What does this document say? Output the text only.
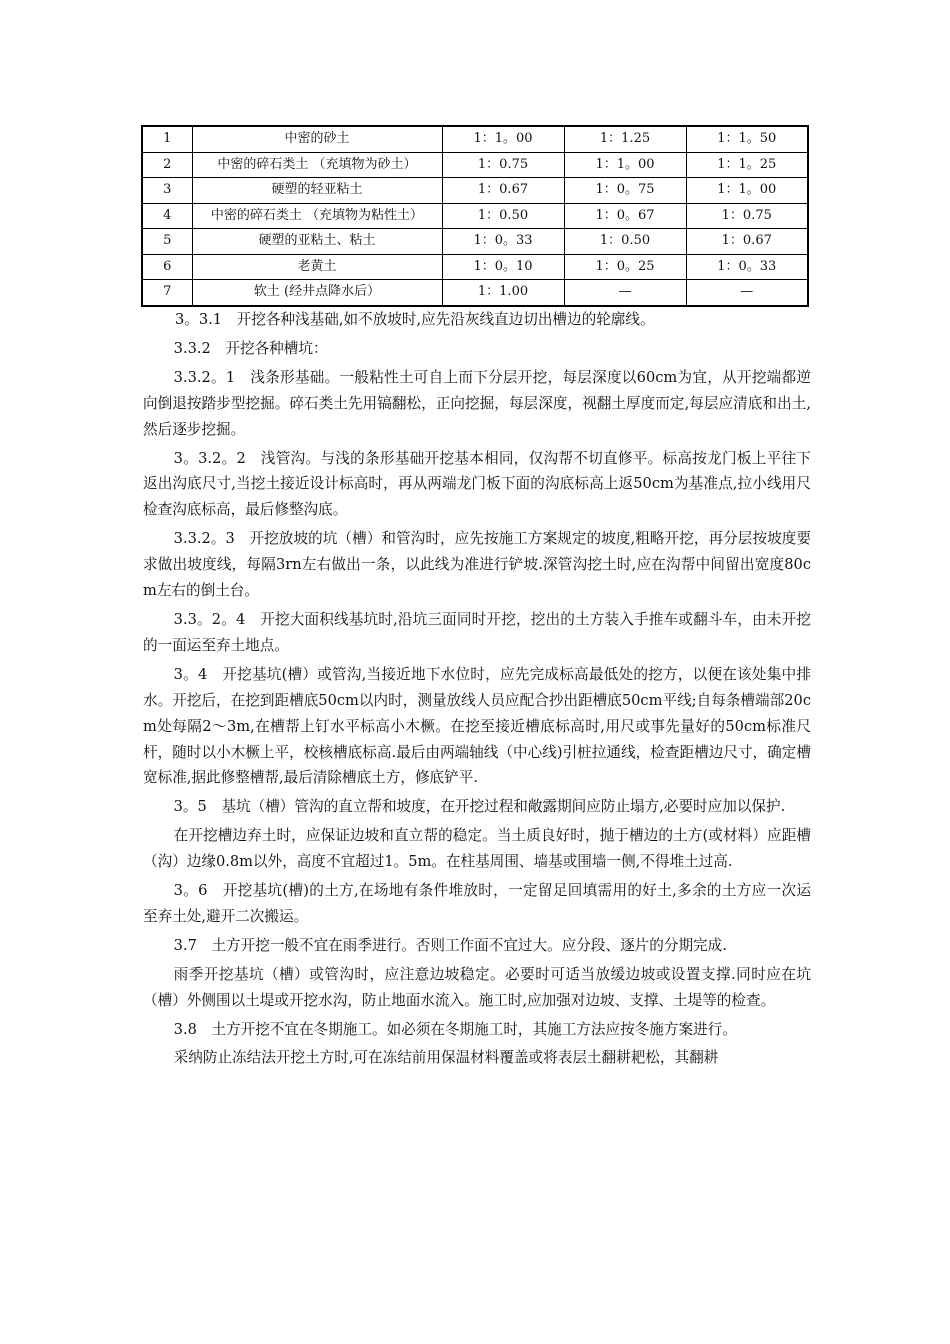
1	中密的砂土	1：1。00	1：1.25	1：1。50
2	中密的碎石类土 （充填物为砂土）	1：0.75	1：1。00	1：1。25
3	硬塑的轻亚粘土	1：0.67	1：0。75	1：1。00
4	中密的碎石类土 （充填物为粘性土）	1：0.50	1：0。67	1：0.75
5	硬塑的亚粘土、粘土	1：0。33	1：0.50	1：0.67
6	老黄土	1：0。10	1：0。25	1：0。33
7	软土 (经井点降水后）	1：1.00	—	—

3。3.1　开挖各种浅基础,如不放坡时,应先沿灰线直边切出槽边的轮廓线。

3.3.2　开挖各种槽坑：

3.3.2。1　浅条形基础。一般粘性土可自上而下分层开挖，每层深度以60cm为宜，从开挖端都逆向倒退按踏步型挖掘。碎石类土先用镐翻松，正向挖掘，每层深度，视翻土厚度而定,每层应清底和出土,然后逐步挖掘。

3。3.2。2　浅管沟。与浅的条形基础开挖基本相同，仅沟帮不切直修平。标高按龙门板上平往下返出沟底尺寸,当挖土接近设计标高时，再从两端龙门板下面的沟底标高上返50cm为基准点,拉小线用尺检查沟底标高，最后修整沟底。

3.3.2。3　开挖放坡的坑（槽）和管沟时，应先按施工方案规定的坡度,粗略开挖，再分层按坡度要求做出坡度线，每隔3rn左右做出一条，以此线为准进行铲坡.深管沟挖土时,应在沟帮中间留出宽度80cm左右的倒土台。

3.3。2。4　开挖大面积线基坑时,沿坑三面同时开挖，挖出的土方装入手推车或翻斗车，由未开挖的一面运至弃土地点。

3。4　开挖基坑(槽）或管沟,当接近地下水位时，应先完成标高最低处的挖方，以便在该处集中排水。开挖后，在挖到距槽底50cm以内时，测量放线人员应配合抄出距槽底50cm平线;自每条槽端部20cm处每隔2～3m,在槽帮上钉水平标高小木橛。在挖至接近槽底标高时,用尺或事先量好的50cm标准尺杆，随时以小木橛上平，校核槽底标高.最后由两端轴线（中心线)引桩拉通线，检查距槽边尺寸，确定槽宽标准,据此修整槽帮,最后清除槽底土方，修底铲平.

3。5　基坑（槽）管沟的直立帮和坡度，在开挖过程和敞露期间应防止塌方,必要时应加以保护.

在开挖槽边弃土时，应保证边坡和直立帮的稳定。当土质良好时，抛于槽边的土方(或材料）应距槽（沟）边缘0.8m以外，高度不宜超过1。5m。在柱基周围、墙基或围墙一侧,不得堆土过高.

3。6　开挖基坑(槽)的土方,在场地有条件堆放时，一定留足回填需用的好土,多余的土方应一次运至弃土处,避开二次搬运。

3.7　土方开挖一般不宜在雨季进行。否则工作面不宜过大。应分段、逐片的分期完成.

雨季开挖基坑（槽）或管沟时，应注意边坡稳定。必要时可适当放缓边坡或设置支撑.同时应在坑（槽）外侧围以土堤或开挖水沟，防止地面水流入。施工时,应加强对边坡、支撑、土堤等的检查。

3.8　土方开挖不宜在冬期施工。如必须在冬期施工时，其施工方法应按冬施方案进行。

采纳防止冻结法开挖土方时,可在冻结前用保温材料覆盖或将表层土翻耕耙松，其翻耕
